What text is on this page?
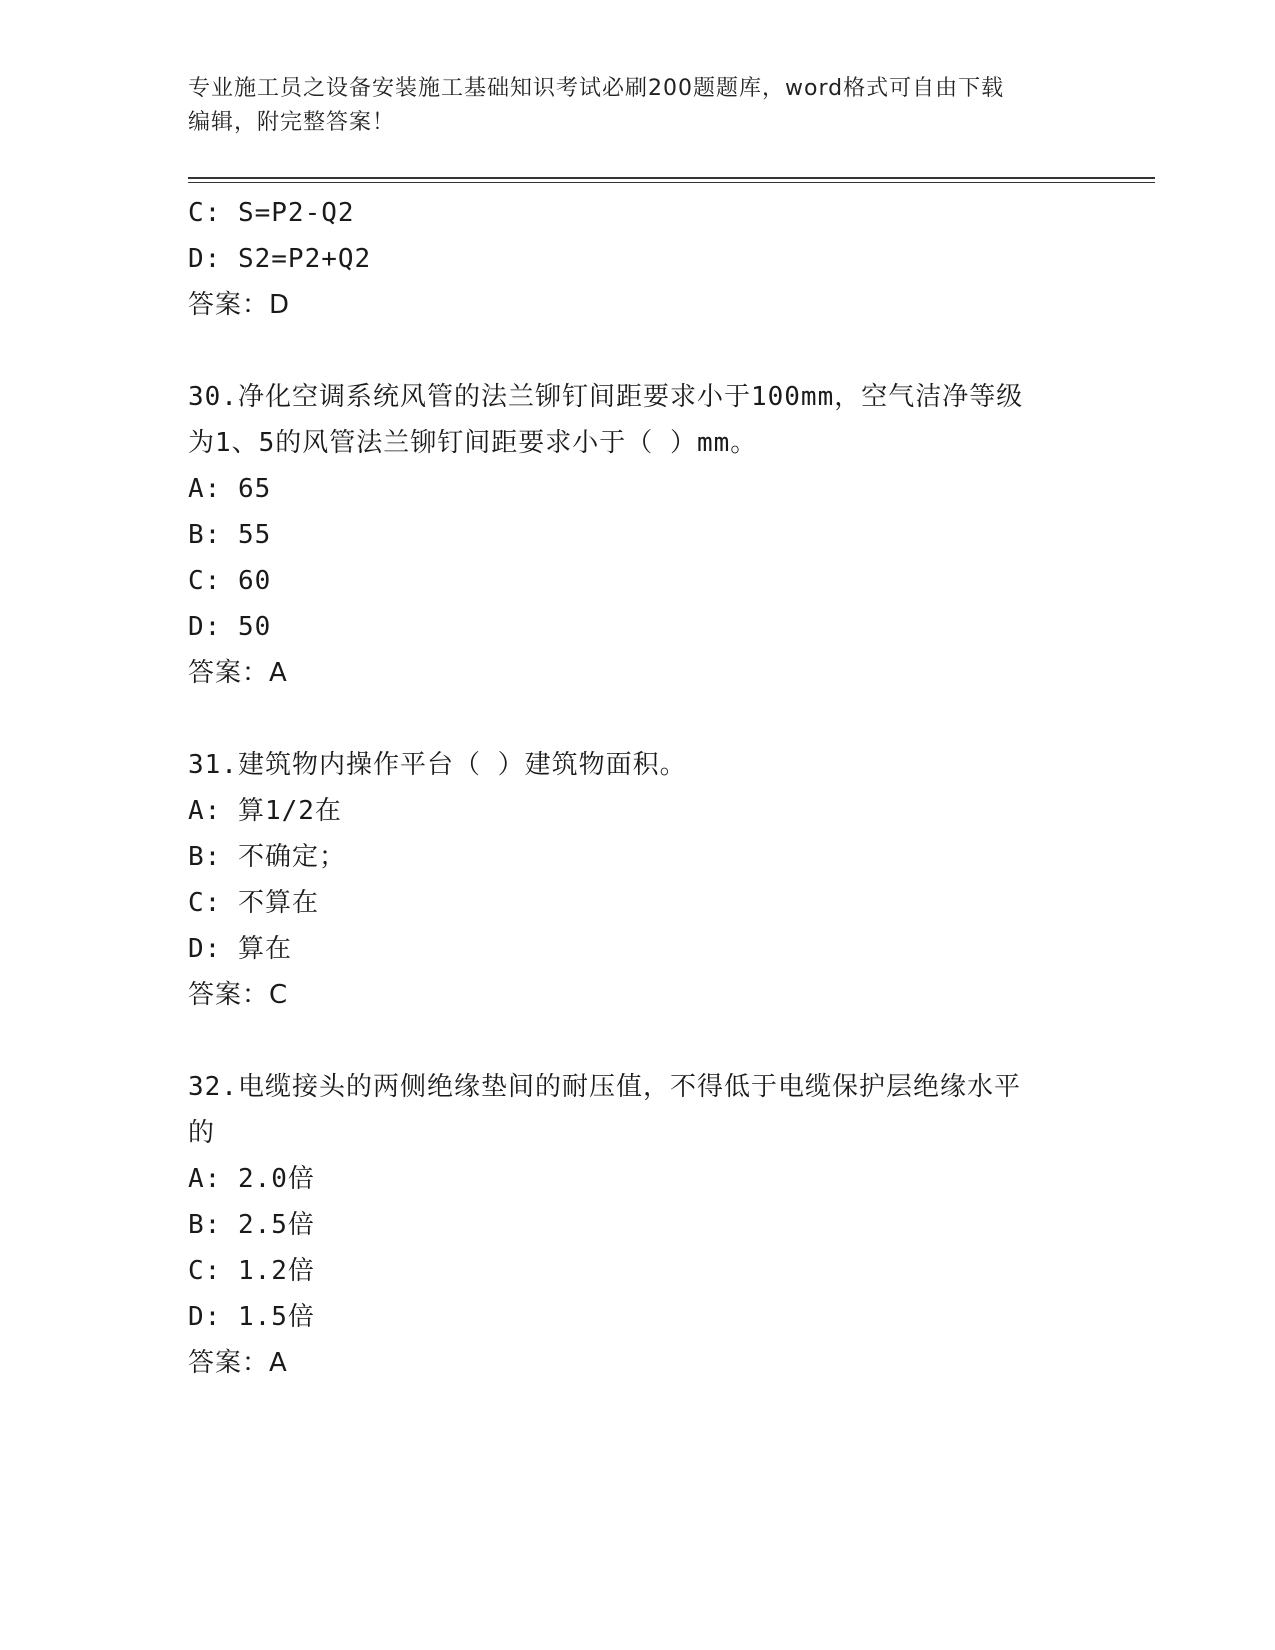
专业施工员之设备安装施工基础知识考试必刷200题题库，word格式可自由下载
编辑，附完整答案！
C: S=P2-Q2
D: S2=P2+Q2
答案：D
30.净化空调系统风管的法兰铆钉间距要求小于100mm，空气洁净等级
为1、5的风管法兰铆钉间距要求小于（ ）mm。
A: 65
B: 55
C: 60
D: 50
答案：A
31.建筑物内操作平台（ ）建筑物面积。
A: 算1/2在
B: 不确定；
C: 不算在
D: 算在
答案：C
32.电缆接头的两侧绝缘垫间的耐压值，不得低于电缆保护层绝缘水平
的
A: 2.0倍
B: 2.5倍
C: 1.2倍
D: 1.5倍
答案：A
